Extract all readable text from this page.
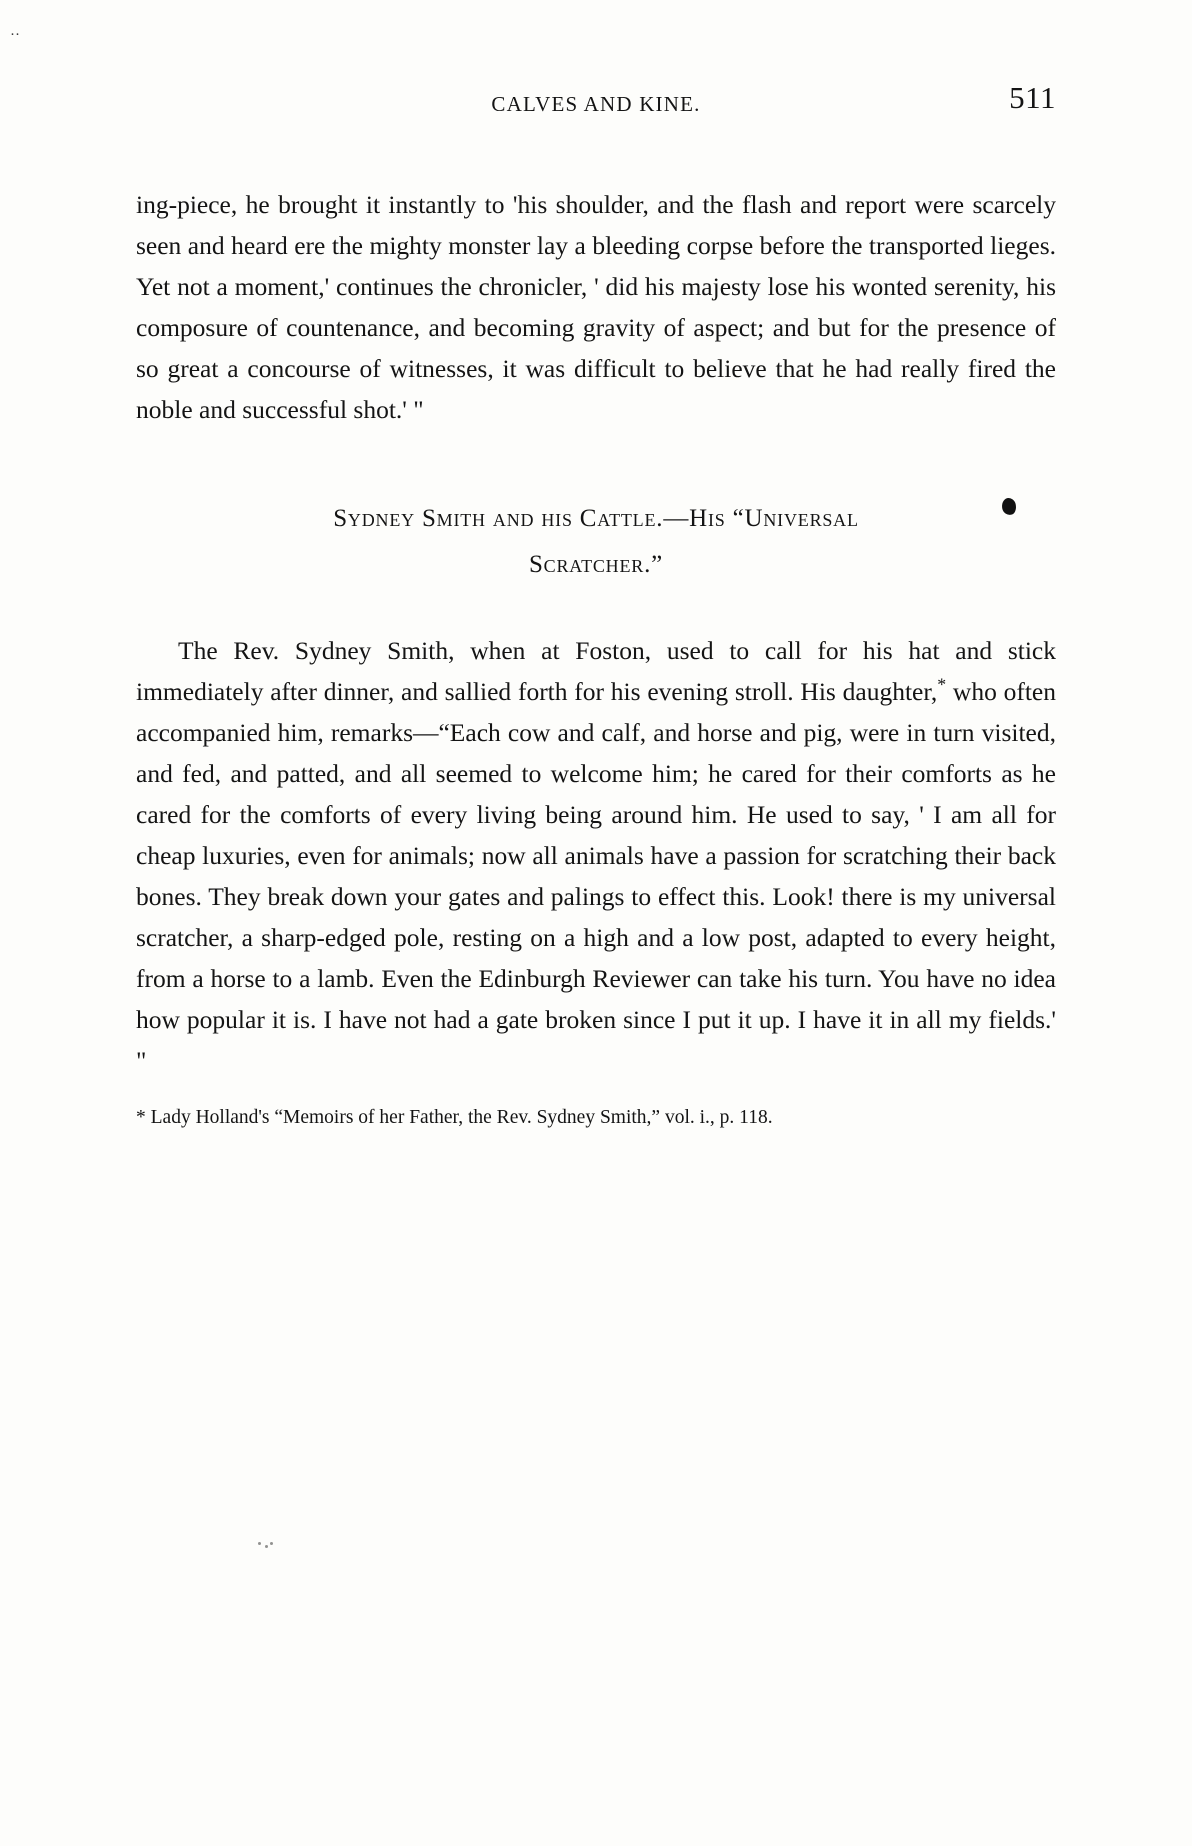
··
CALVES AND KINE.	511

ing-piece, he brought it instantly to 'his shoulder, and the flash and report were scarcely seen and heard ere the mighty monster lay a bleeding corpse before the transported lieges. Yet not a moment,' continues the chronicler, ' did his majesty lose his wonted serenity, his composure of countenance, and becoming gravity of aspect; and but for the presence of so great a concourse of witnesses, it was difficult to believe that he had really fired the noble and successful shot.' "

Sydney Smith and his Cattle.—His “Universal
Scratcher.”

The Rev. Sydney Smith, when at Foston, used to call for his hat and stick immediately after dinner, and sallied forth for his evening stroll. His daughter,* who often accompanied him, remarks—“Each cow and calf, and horse and pig, were in turn visited, and fed, and patted, and all seemed to welcome him; he cared for their comforts as he cared for the comforts of every living being around him. He used to say, ' I am all for cheap luxuries, even for animals; now all animals have a passion for scratching their back bones. They break down your gates and palings to effect this. Look! there is my universal scratcher, a sharp-edged pole, resting on a high and a low post, adapted to every height, from a horse to a lamb. Even the Edinburgh Reviewer can take his turn. You have no idea how popular it is. I have not had a gate broken since I put it up. I have it in all my fields.' "

* Lady Holland's “Memoirs of her Father, the Rev. Sydney Smith,” vol. i., p. 118.
